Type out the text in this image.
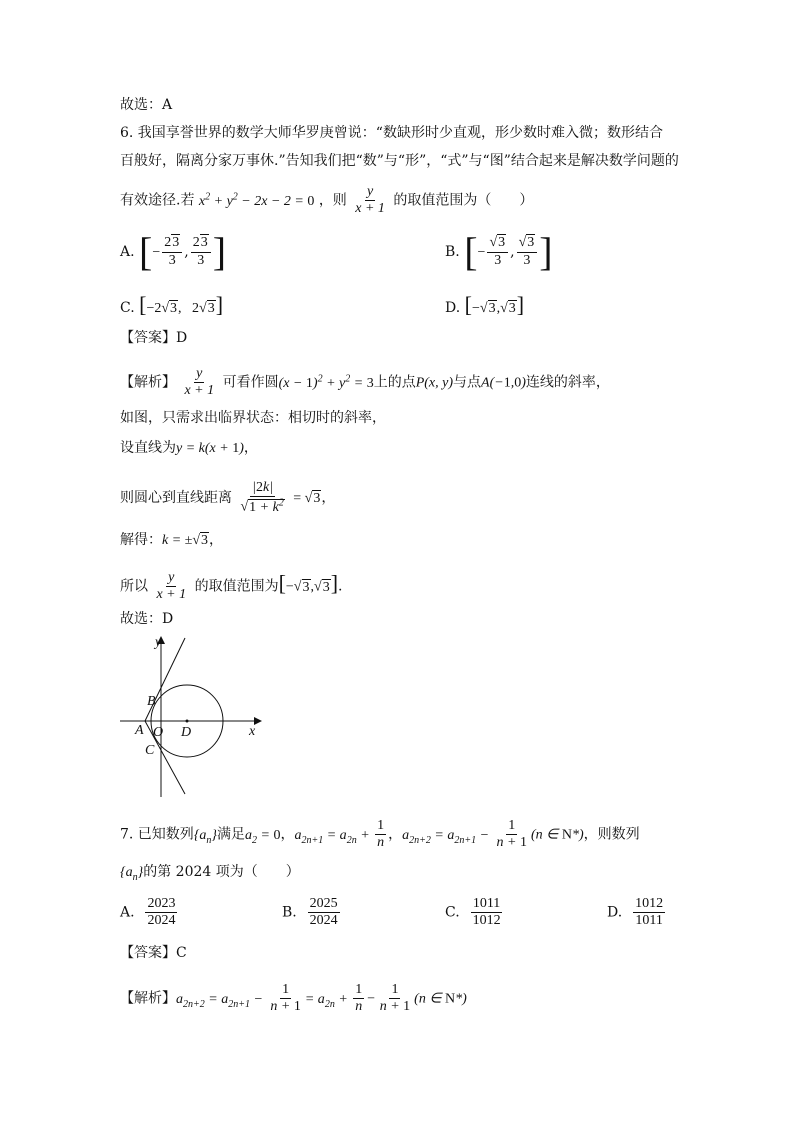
故选：A
6. 我国享誉世界的数学大师华罗庚曾说：“数缺形时少直观，形少数时难入微；数形结合
百般好，隔离分家万事休.”告知我们把“数”与“形”，“式”与“图”结合起来是解决数学问题的
有效途径.若 $x^2 + y^2 - 2x - 2 = 0$ ，则 $\frac{y}{x + 1}$ 的取值范围为（　　）
A. [− $\frac{23}{3}$ , $\frac{23}{3}$ ]	B. [− $\frac{√3}{3}$ , $\frac{√3}{3}$ ]
C. [−2√3,   2√3]	D. [−√3,√3]
【答案】D
【解析】 $\frac{y}{x + 1}$ 可看作圆$(x - 1)^2 + y^2 = 3$上的点P(x, y)与点A(−1,0)连线的斜率，
如图，只需求出临界状态：相切时的斜率，
设直线为y = k(x + 1)，
则圆心到直线距离 $\frac{|2k|}{√1 + k^2} = √3$，
解得：k = ±√3，
所以 $\frac{y}{x + 1}$ 的取值范围为[−√3,√3].
故选：D
y
x
B
A O D
C
7. 已知数列$\{a_n\}$满足$a_2 = 0$，$a_{2n+1} = a_{2n} + \frac{1}{n}$ ，$a_{2n+2} = a_{2n+1} - \frac{1}{n + 1} (n$ ∈ N*)，则数列
$\{a_n\}$的第 2024 项为（　　）
A. $\frac{2023}{2024}$	B. $\frac{2025}{2024}$	C. $\frac{1011}{1012}$	D. $\frac{1012}{1011}$
【答案】C
【解析】$a_{2n+2} = a_{2n+1} - \frac{1}{n + 1} = a_{2n} + \frac{1}{n} - \frac{1}{n + 1} (n$ ∈ N*)
